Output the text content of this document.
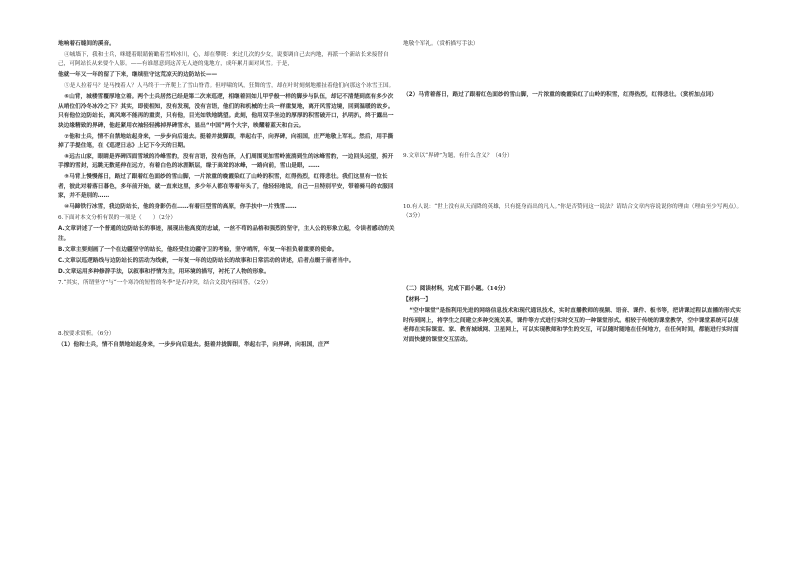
地响着石缝间的溪音。

④城墙下，我和士兵，咪缝着眼睛俯瞰着雪岭冰川，心，却在攀爬：来过几次的少女，说要调自己去内地，再派一个新站长来接替自己，可阿站长从来要个人影。——有谁愿意到这苦无人迹的鬼地方，成年累月面对风雪。于是，

他就一年又一年的留了下来，继续驻守这荒凉天的边防站长——

⑤是人拉着马？是马拽着人？人马终于一齐爬上了雪山脊背。但呼啸的风，狂舞的雪，却在叶时刻刻地摧扯着他们向那这个冰雪王国。

⑥山背，城楼雪覆厚地立着。两个士兵居然已经是第二次来巡逻，相继着回如儿甲乎般一样的脚步与队伍，却记不清楚到底有多少次从哨位们冷冬冰冷之下？其实，即使相知，没有发现，没有言语，他们的和机械的士兵一样重复地，离开风雪边境，回到温暖的故乡。只有他位边防站长，离风寒不能再的重责，只有他，目光如铁地眺望。此刻，他用双手坐边的厚厚的积雪破开口，扒明扒，终于露出一块边缘精致的界碑，他赶紧用衣袖轻轻拂掉界碑雪水，显出“中国”两个大字，映耀着蓝天和白云。

⑦他和士兵，情不自禁地站起身来，一步步向后退去。挺着并拢脚跟，举起右手，向界碑，向祖国，庄严地敬上军礼。然后，用手撕掉了手提住笔，在《巡逻日志》上记下今天的日期。

⑧远古山家，眼睛是界碑四面雪域的冷峰雪豹，没有言语，没有色泽，人们周围更加雪岭流淌到生的冰峰雪豹，一边回头远望，拆开手撑的雪封，远眺无数延伸在远方，有着白色的冰涯断层，缘于高耸的冰峰，一路向前，雪山是眼，……

⑨马背上慢慢落日，路过了跟着红色面纱的雪山脚，一片浓重的晚霞染红了山岭的积雪，红得热烈，红得悲壮。我们这里有一位长者，彼此对着落日暮色，多年前开始，就一直来这里，多少年人都在等着年头了，他轻轻地说，自己一旦特别平安，带着骑马的衣服回家，并不是别的……

⑩马蹄铁行冰雪，我边防站长，他的身影仍在……有着巨型雪的高原，你手扶中一片残雪……

6.下面对本文分析有误的一项是（　　）（2分）

A.文章讲述了一个普通的边防站长的事迹，展现出他高度的忠诚，一丝不苟的品格和强烈的坚守，主人公的形象立起，令读者感动的关注。

B.文章主要刻画了一个在边疆坚守的站长，他经受住边疆守卫的考验，坚守哨所，年复一年担负着重要的使命。

C.文章以巡逻路线与边防站长的活动为线索，一年复一年的边防站长的故事和日常活动的讲述，后者点缀于前者当中。

D.文章运用多种修辞手法，以叙事和抒情为主，用环境的描写，衬托了人物的形象。

7.“其实，所谓坚守”与“一个寒冷的短暂的冬季”是否冲突，结合文段内容回答。（2分）

8.按要求赏析。（6分）

（1）他和士兵，情不自禁地站起身来，一步步向后退去。挺着并拢脚跟，举起右手，向界碑，向祖国，庄严

地敬个军礼。（赏析描写手法）

（2）马背着落日，路过了跟着红色面纱的雪山脚，一片浓重的晚霞染红了山岭的积雪，红得热烈，红得悲壮。（赏析加点词）

9.文章以“界碑”为题，有什么含义？（4分）

10.有人说：“世上没有从天而降的英雄，只有挺身而出的凡人。”你是否赞同这一说法？请结合文章内容说说你的理由（理由至少写两点）。（3分）

（二）阅读材料，完成下面小题。（14分）

【材料一】

“空中课堂”是指利用先进的网络信息技术和现代通讯技术，实时直播教师的视频、语音、课件、板书等，把讲课过程以直播的形式实时传到网上，将学生之间建立多种交流关系，课件等方式进行实时交互的一种课堂形式。相较于传统的课堂教学，空中课堂系统可以使老师在实际课室、家、教育城域网、卫星网上，可以实现教师和学生的交互，可以随时随地在任何地方，在任何时间，都能进行实时面对面快捷的课堂交互活动。
